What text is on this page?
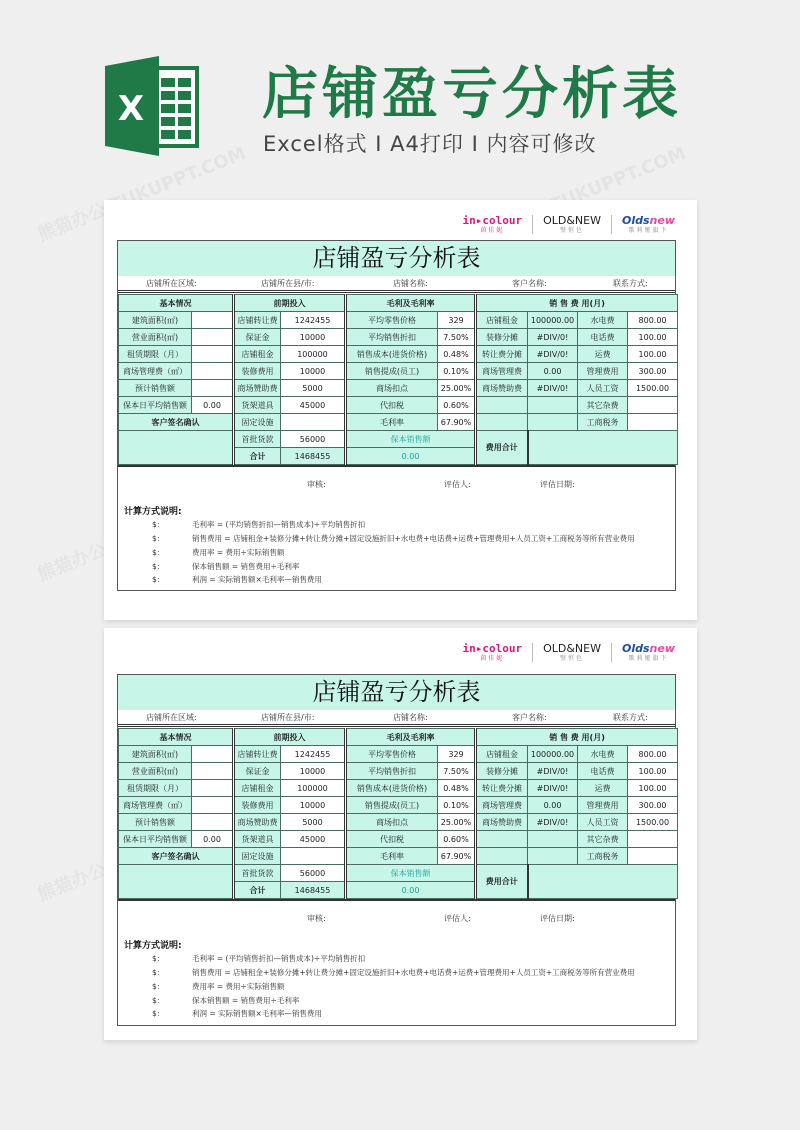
X 店铺盈亏分析表
Excel格式 I A4打印 I 内容可修改
in▸colour
茵佳妮
OLD&NEW
璧恒色
Oldsnew
歌莉娅旗下
店铺盈亏分析表
店铺所在区域:	店铺所在县/市:	店铺名称:	客户名称:	联系方式:
基本情况		前期投入		毛利及毛利率		销 售 费 用(月)			
建筑面积(㎡)		店铺转让费	1242455	平均零售价格	329	店铺租金	100000.00	水电费	800.00
营业面积(㎡)		保证金	10000	平均销售折扣	7.50%	装修分摊	#DIV/0!	电话费	100.00
租赁期限（月）		店铺租金	100000	销售成本(进货价格)	0.48%	转让费分摊	#DIV/0!	运费	100.00
商场管理费（㎡）		装修费用	10000	销售提成(员工)	0.10%	商场管理费	0.00	管理费用	300.00
预计销售额		商场赞助费	5000	商场扣点	25.00%	商场赞助费	#DIV/0!	人员工资	1500.00
保本日平均销售额	0.00	货架道具	45000	代扣税	0.60%			其它杂费	
客户签名确认		固定设施		毛利率	67.90%			工商税务	
		首批货款	56000	保本销售额		费用合计			
		合计	1468455	0.00					
审核:	评估人:	评估日期:
计算方式说明:
$：	毛利率 = (平均销售折扣—销售成本)÷平均销售折扣
$：	销售费用 = 店铺租金+装修分摊+转让费分摊+固定设施折旧+水电费+电话费+运费+管理费用+人员工资+工商税务等所有营业费用
$：	费用率 = 费用÷实际销售额
$：	保本销售额 = 销售费用÷毛利率
$：	利润 = 实际销售额×毛利率—销售费用
in▸colour
茵佳妮
OLD&NEW
璧恒色
Oldsnew
歌莉娅旗下
店铺盈亏分析表
店铺所在区域:	店铺所在县/市:	店铺名称:	客户名称:	联系方式:
基本情况		前期投入		毛利及毛利率		销 售 费 用(月)			
建筑面积(㎡)		店铺转让费	1242455	平均零售价格	329	店铺租金	100000.00	水电费	800.00
营业面积(㎡)		保证金	10000	平均销售折扣	7.50%	装修分摊	#DIV/0!	电话费	100.00
租赁期限（月）		店铺租金	100000	销售成本(进货价格)	0.48%	转让费分摊	#DIV/0!	运费	100.00
商场管理费（㎡）		装修费用	10000	销售提成(员工)	0.10%	商场管理费	0.00	管理费用	300.00
预计销售额		商场赞助费	5000	商场扣点	25.00%	商场赞助费	#DIV/0!	人员工资	1500.00
保本日平均销售额	0.00	货架道具	45000	代扣税	0.60%			其它杂费	
客户签名确认		固定设施		毛利率	67.90%			工商税务	
		首批货款	56000	保本销售额		费用合计			
		合计	1468455	0.00					
审核:	评估人:	评估日期:
计算方式说明:
$：	毛利率 = (平均销售折扣—销售成本)÷平均销售折扣
$：	销售费用 = 店铺租金+装修分摊+转让费分摊+固定设施折旧+水电费+电话费+运费+管理费用+人员工资+工商税务等所有营业费用
$：	费用率 = 费用÷实际销售额
$：	保本销售额 = 销售费用÷毛利率
$：	利润 = 实际销售额×毛利率—销售费用
